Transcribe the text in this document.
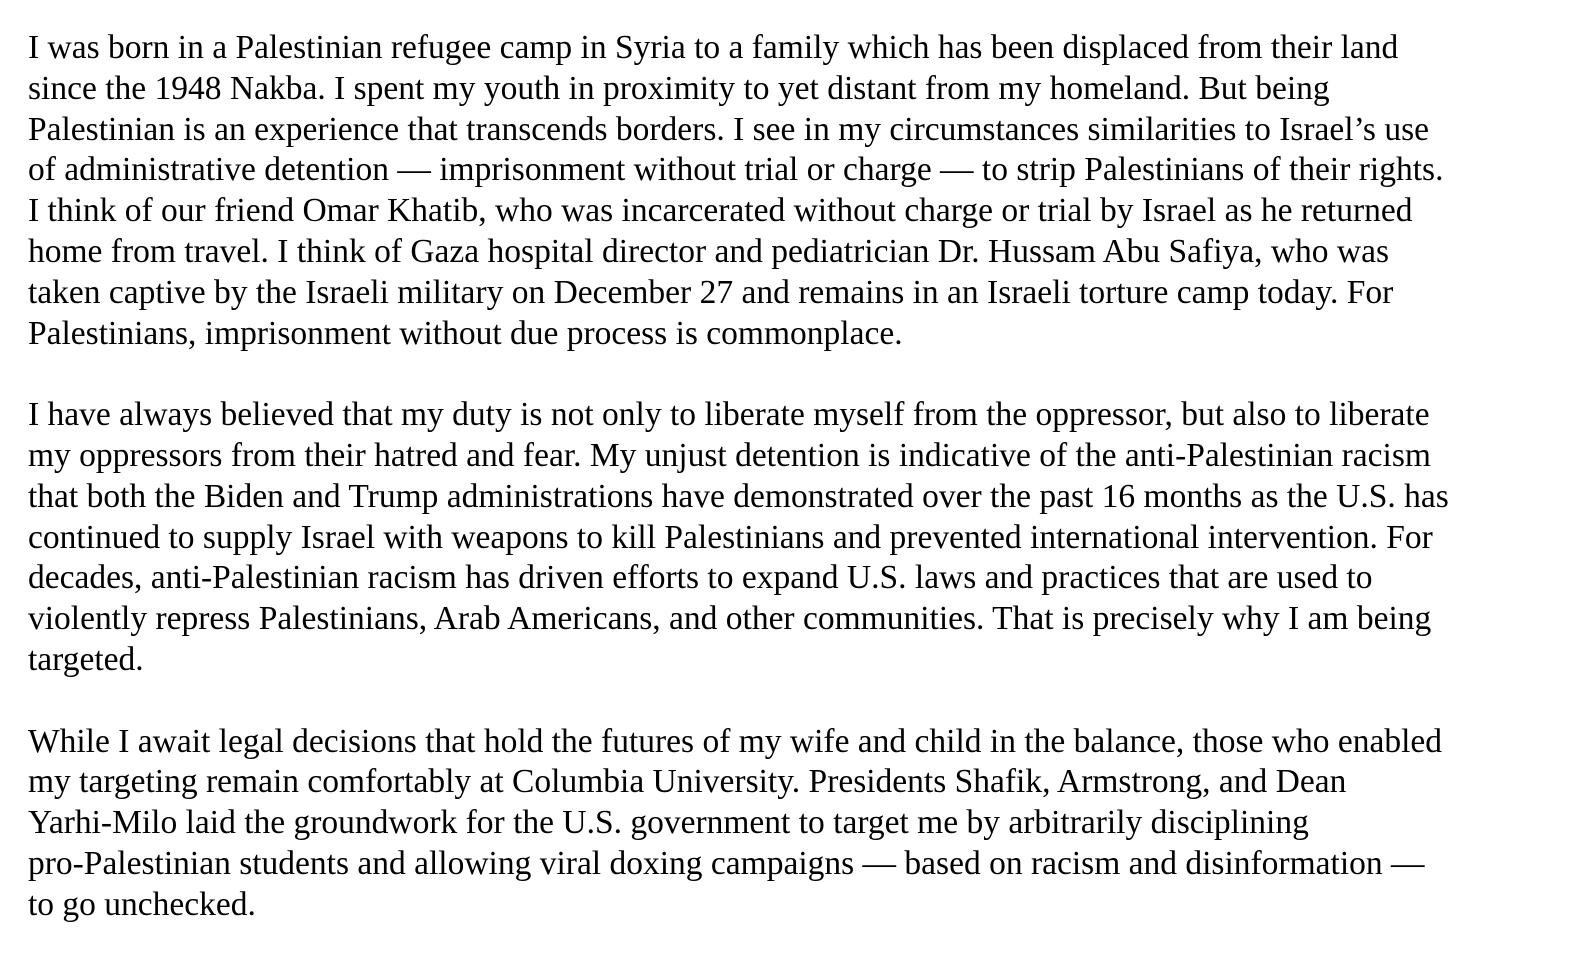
I was born in a Palestinian refugee camp in Syria to a family which has been displaced from their land
since the 1948 Nakba. I spent my youth in proximity to yet distant from my homeland. But being
Palestinian is an experience that transcends borders. I see in my circumstances similarities to Israel’s use
of administrative detention — imprisonment without trial or charge — to strip Palestinians of their rights.
I think of our friend Omar Khatib, who was incarcerated without charge or trial by Israel as he returned
home from travel. I think of Gaza hospital director and pediatrician Dr. Hussam Abu Safiya, who was
taken captive by the Israeli military on December 27 and remains in an Israeli torture camp today. For
Palestinians, imprisonment without due process is commonplace.

I have always believed that my duty is not only to liberate myself from the oppressor, but also to liberate
my oppressors from their hatred and fear. My unjust detention is indicative of the anti-Palestinian racism
that both the Biden and Trump administrations have demonstrated over the past 16 months as the U.S. has
continued to supply Israel with weapons to kill Palestinians and prevented international intervention. For
decades, anti-Palestinian racism has driven efforts to expand U.S. laws and practices that are used to
violently repress Palestinians, Arab Americans, and other communities. That is precisely why I am being
targeted.

While I await legal decisions that hold the futures of my wife and child in the balance, those who enabled
my targeting remain comfortably at Columbia University. Presidents Shafik, Armstrong, and Dean
Yarhi-Milo laid the groundwork for the U.S. government to target me by arbitrarily disciplining
pro-Palestinian students and allowing viral doxing campaigns — based on racism and disinformation —
to go unchecked.
